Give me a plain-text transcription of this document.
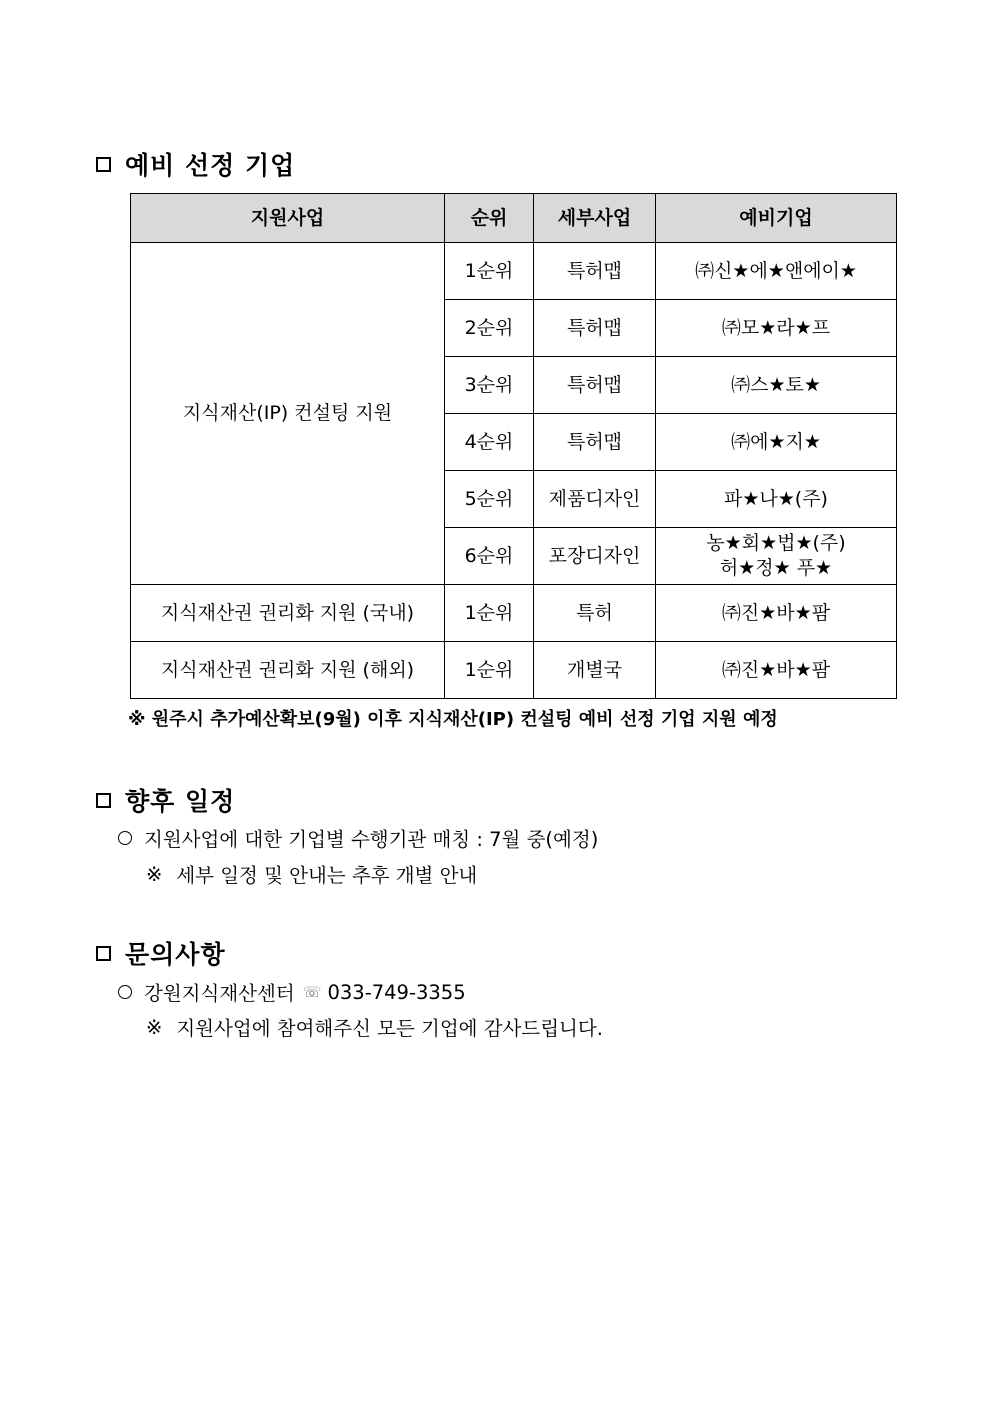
예비 선정 기업
지원사업	순위	세부사업	예비기업
지식재산(IP) 컨설팅 지원	1순위	특허맵	㈜신★에★앤에이★
	2순위	특허맵	㈜모★라★프
	3순위	특허맵	㈜스★토★
	4순위	특허맵	㈜에★지★
	5순위	제품디자인	파★나★(주)
	6순위	포장디자인	농★회★법★(주)
허★정★ 푸★

지식재산권 권리화 지원 (국내)	1순위	특허	㈜진★바★팜
지식재산권 권리화 지원 (해외)	1순위	개별국	㈜진★바★팜
※ 원주시 추가예산확보(9월) 이후 지식재산(IP) 컨설팅 예비 선정 기업 지원 예정
향후 일정
지원사업에 대한 기업별 수행기관 매칭 : 7월 중(예정)
※ 세부 일정 및 안내는 추후 개별 안내
문의사항
강원지식재산센터 ☏ 033-749-3355
※ 지원사업에 참여해주신 모든 기업에 감사드립니다.
